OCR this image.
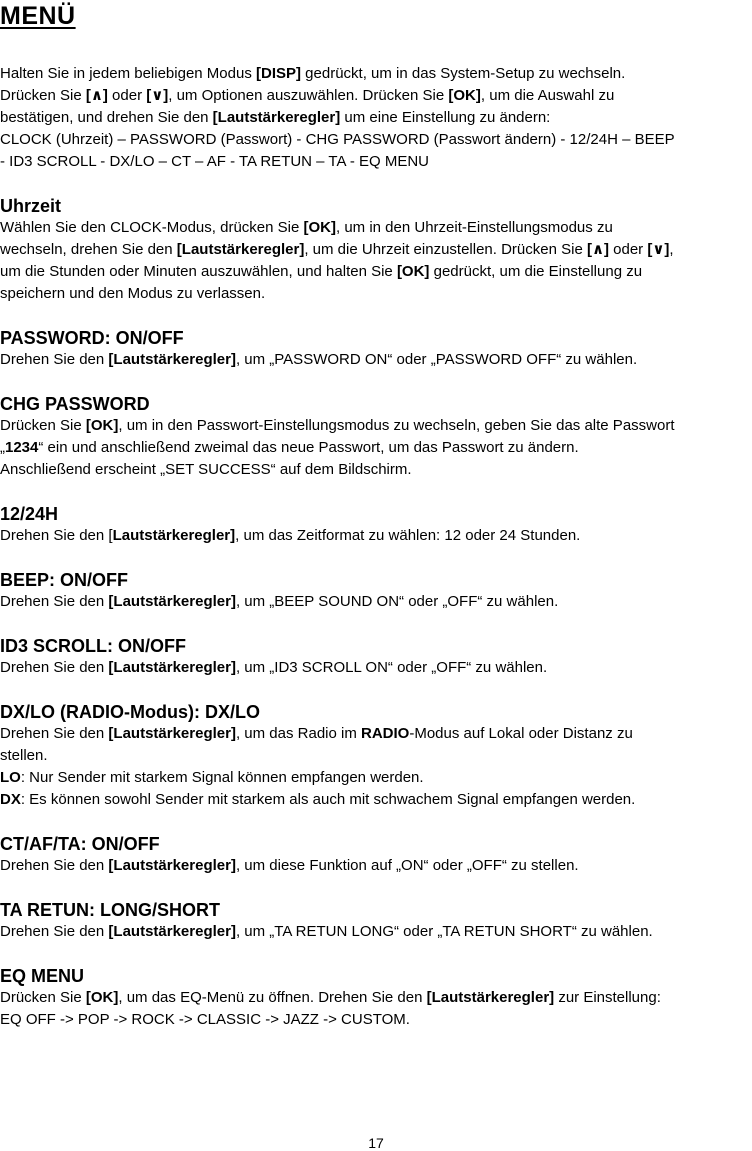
MENÜ
Halten Sie in jedem beliebigen Modus [DISP] gedrückt, um in das System-Setup zu wechseln.
Drücken Sie [∧] oder [∨], um Optionen auszuwählen. Drücken Sie [OK], um die Auswahl zu
bestätigen, und drehen Sie den [Lautstärkeregler] um eine Einstellung zu ändern:
CLOCK (Uhrzeit) – PASSWORD (Passwort) - CHG PASSWORD (Passwort ändern) - 12/24H – BEEP
- ID3 SCROLL - DX/LO – CT – AF - TA RETUN – TA - EQ MENU
Uhrzeit
Wählen Sie den CLOCK-Modus, drücken Sie [OK], um in den Uhrzeit-Einstellungsmodus zu
wechseln, drehen Sie den [Lautstärkeregler], um die Uhrzeit einzustellen. Drücken Sie [∧] oder [∨],
um die Stunden oder Minuten auszuwählen, und halten Sie [OK] gedrückt, um die Einstellung zu
speichern und den Modus zu verlassen.
PASSWORD: ON/OFF
Drehen Sie den [Lautstärkeregler], um „PASSWORD ON“ oder „PASSWORD OFF“ zu wählen.
CHG PASSWORD
Drücken Sie [OK], um in den Passwort-Einstellungsmodus zu wechseln, geben Sie das alte Passwort
„1234“ ein und anschließend zweimal das neue Passwort, um das Passwort zu ändern.
Anschließend erscheint „SET SUCCESS“ auf dem Bildschirm.
12/24H
Drehen Sie den [Lautstärkeregler], um das Zeitformat zu wählen: 12 oder 24 Stunden.
BEEP: ON/OFF
Drehen Sie den [Lautstärkeregler], um „BEEP SOUND ON“ oder „OFF“ zu wählen.
ID3 SCROLL: ON/OFF
Drehen Sie den [Lautstärkeregler], um „ID3 SCROLL ON“ oder „OFF“ zu wählen.
DX/LO (RADIO-Modus): DX/LO
Drehen Sie den [Lautstärkeregler], um das Radio im RADIO-Modus auf Lokal oder Distanz zu
stellen.
LO: Nur Sender mit starkem Signal können empfangen werden.
DX: Es können sowohl Sender mit starkem als auch mit schwachem Signal empfangen werden.
CT/AF/TA: ON/OFF
Drehen Sie den [Lautstärkeregler], um diese Funktion auf „ON“ oder „OFF“ zu stellen.
TA RETUN: LONG/SHORT
Drehen Sie den [Lautstärkeregler], um „TA RETUN LONG“ oder „TA RETUN SHORT“ zu wählen.
EQ MENU
Drücken Sie [OK], um das EQ-Menü zu öffnen. Drehen Sie den [Lautstärkeregler] zur Einstellung:
EQ OFF -> POP -> ROCK -> CLASSIC -> JAZZ -> CUSTOM.
17
